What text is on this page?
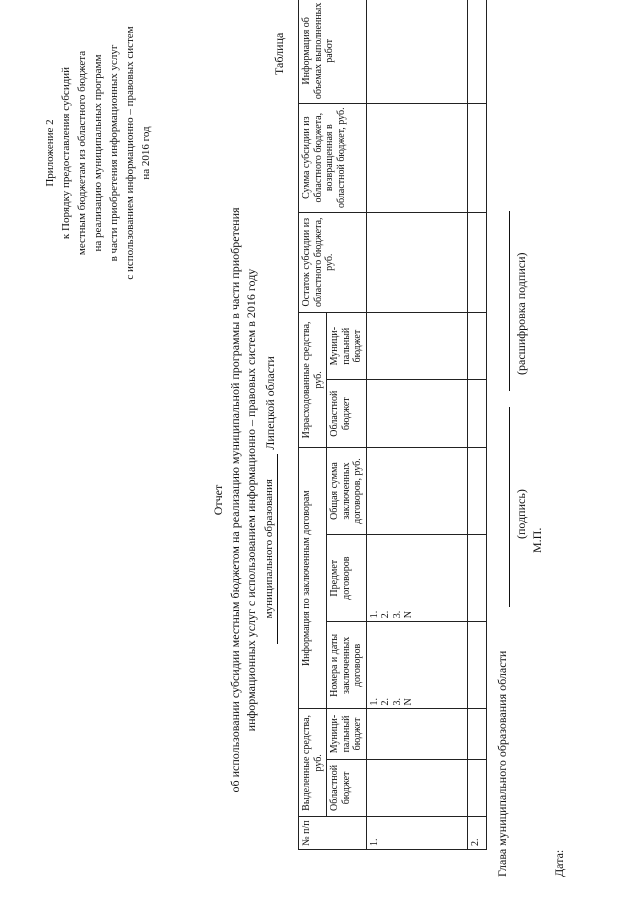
Приложение 2 к Порядку предоставления субсидий местным бюджетам из областного бюджета на реализацию муниципальных программ в части приобретения информационных услуг с использованием информационно – правовых систем на 2016 год
Отчет об использовании субсидии местным бюджетом на реализацию муниципальной программы в части приобретения информационных услуг с использованием информационно – правовых систем в 2016 году муниципального образования
Липецкой области
Таблица
№ п/п	Выделенные средства, руб.		Информация по заключенным договорам			Израсходованные средства, руб.		Остаток субсидии из областного бюджета, руб.	Сумма субсидии из областного бюджета, возвращенная в областной бюджет, руб.	Информация об объемах выполненных работ
	Областной бюджет	Муници-пальный бюджет	Номера и даты заключенных договоров	Предмет договоров	Общая сумма заключенных договоров, руб.	Областной бюджет	Муници-пальный бюджет			
1.			1. 2. 3. N	1. 2. 3. N						

2.										Глава муниципального образования области
(подпись)
(расшифровка подписи)
М.П.
Дата:
